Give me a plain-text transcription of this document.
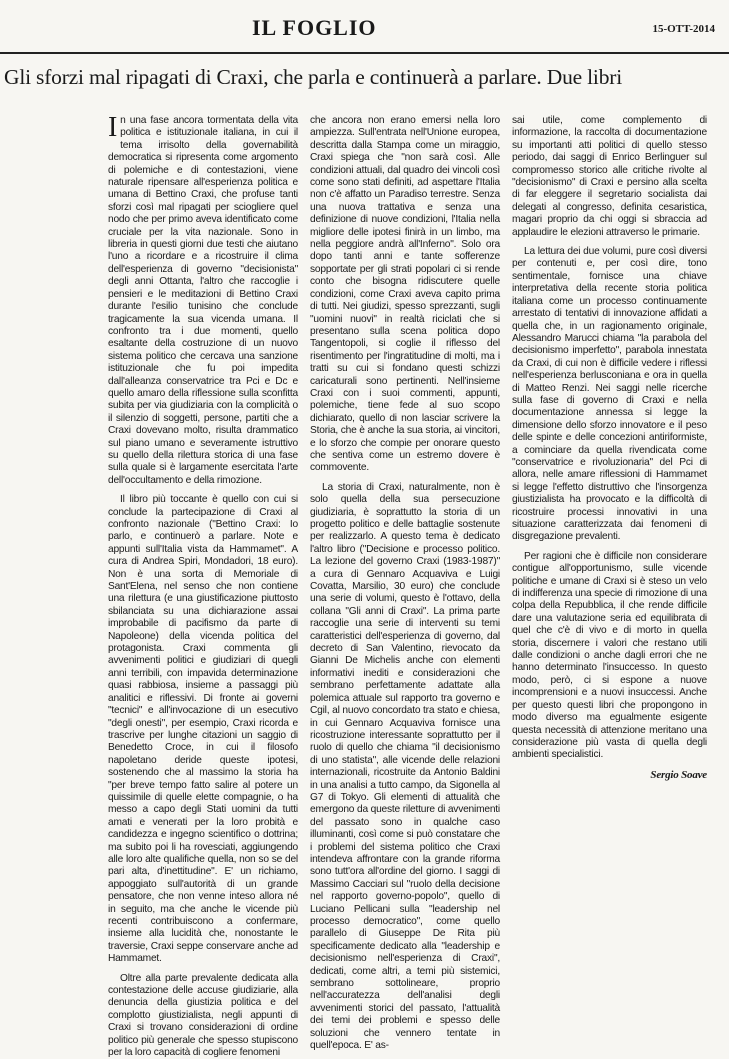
IL FOGLIO	15-OTT-2014
Gli sforzi mal ripagati di Craxi, che parla e continuerà a parlare. Due libri

In una fase ancora tormentata della vita politica e istituzionale italiana, in cui il tema irrisolto della governabilità democratica si ripresenta come argomento di polemiche e di contestazioni, viene naturale ripensare all'esperienza politica e umana di Bettino Craxi, che profuse tanti sforzi così mal ripagati per sciogliere quel nodo che per primo aveva identificato come cruciale per la vita nazionale. Sono in libreria in questi giorni due testi che aiutano l'uno a ricordare e a ricostruire il clima dell'esperienza di governo "decisionista" degli anni Ottanta, l'altro che raccoglie i pensieri e le meditazioni di Bettino Craxi durante l'esilio tunisino che conclude tragicamente la sua vicenda umana. Il confronto tra i due momenti, quello esaltante della costruzione di un nuovo sistema politico che cercava una sanzione istituzionale che fu poi impedita dall'alleanza conservatrice tra Pci e Dc e quello amaro della riflessione sulla sconfitta subita per via giudiziaria con la complicità o il silenzio di soggetti, persone, partiti che a Craxi dovevano molto, risulta drammatico sul piano umano e severamente istruttivo su quello della rilettura storica di una fase sulla quale si è largamente esercitata l'arte dell'occultamento e della rimozione.

Il libro più toccante è quello con cui si conclude la partecipazione di Craxi al confronto nazionale ("Bettino Craxi: Io parlo, e continuerò a parlare. Note e appunti sull'Italia vista da Hammamet". A cura di Andrea Spiri, Mondadori, 18 euro). Non è una sorta di Memoriale di Sant'Elena, nel senso che non contiene una rilettura (e una giustificazione piuttosto sbilanciata su una dichiarazione assai improbabile di pacifismo da parte di Napoleone) della vicenda politica del protagonista. Craxi commenta gli avvenimenti politici e giudiziari di quegli anni terribili, con impavida determinazione quasi rabbiosa, insieme a passaggi più analitici e riflessivi. Di fronte ai governi "tecnici" e all'invocazione di un esecutivo "degli onesti", per esempio, Craxi ricorda e trascrive per lunghe citazioni un saggio di Benedetto Croce, in cui il filosofo napoletano deride queste ipotesi, sostenendo che al massimo la storia ha "per breve tempo fatto salire al potere un quissimile di quelle elette compagnie, o ha messo a capo degli Stati uomini da tutti amati e venerati per la loro probità e candidezza e ingegno scientifico o dottrina; ma subito poi li ha rovesciati, aggiungendo alle loro alte qualifiche quella, non so se del pari alta, d'inettitudine". E' un richiamo, appoggiato sull'autorità di un grande pensatore, che non venne inteso allora né in seguito, ma che anche le vicende più recenti contribuiscono a confermare, insieme alla lucidità che, nonostante le traversie, Craxi seppe conservare anche ad Hammamet.

Oltre alla parte prevalente dedicata alla contestazione delle accuse giudiziarie, alla denuncia della giustizia politica e del complotto giustizialista, negli appunti di Craxi si trovano considerazioni di ordine politico più generale che spesso stupiscono per la loro capacità di cogliere fenomeni

che ancora non erano emersi nella loro ampiezza. Sull'entrata nell'Unione europea, descritta dalla Stampa come un miraggio, Craxi spiega che "non sarà così. Alle condizioni attuali, dal quadro dei vincoli così come sono stati definiti, ad aspettare l'Italia non c'è affatto un Paradiso terrestre. Senza una nuova trattativa e senza una definizione di nuove condizioni, l'Italia nella migliore delle ipotesi finirà in un limbo, ma nella peggiore andrà all'Inferno". Solo ora dopo tanti anni e tante sofferenze sopportate per gli strati popolari ci si rende conto che bisogna ridiscutere quelle condizioni, come Craxi aveva capito prima di tutti. Nei giudizi, spesso sprezzanti, sugli "uomini nuovi" in realtà riciclati che si presentano sulla scena politica dopo Tangentopoli, si coglie il riflesso del risentimento per l'ingratitudine di molti, ma i tratti su cui si fondano questi schizzi caricaturali sono pertinenti. Nell'insieme Craxi con i suoi commenti, appunti, polemiche, tiene fede al suo scopo dichiarato, quello di non lasciar scrivere la Storia, che è anche la sua storia, ai vincitori, e lo sforzo che compie per onorare questo che sentiva come un estremo dovere è commovente.

La storia di Craxi, naturalmente, non è solo quella della sua persecuzione giudiziaria, è soprattutto la storia di un progetto politico e delle battaglie sostenute per realizzarlo. A questo tema è dedicato l'altro libro ("Decisione e processo politico. La lezione del governo Craxi (1983-1987)" a cura di Gennaro Acquaviva e Luigi Covatta, Marsilio, 30 euro) che conclude una serie di volumi, questo è l'ottavo, della collana "Gli anni di Craxi". La prima parte raccoglie una serie di interventi su temi caratteristici dell'esperienza di governo, dal decreto di San Valentino, rievocato da Gianni De Michelis anche con elementi informativi inediti e considerazioni che sembrano perfettamente adattate alla polemica attuale sul rapporto tra governo e Cgil, al nuovo concordato tra stato e chiesa, in cui Gennaro Acquaviva fornisce una ricostruzione interessante soprattutto per il ruolo di quello che chiama "il decisionismo di uno statista", alle vicende delle relazioni internazionali, ricostruite da Antonio Baldini in una analisi a tutto campo, da Sigonella al G7 di Tokyo. Gli elementi di attualità che emergono da queste riletture di avvenimenti del passato sono in qualche caso illuminanti, così come si può constatare che i problemi del sistema politico che Craxi intendeva affrontare con la grande riforma sono tutt'ora all'ordine del giorno. I saggi di Massimo Cacciari sul "ruolo della decisione nel rapporto governo-popolo", quello di Luciano Pellicani sulla "leadership nel processo democratico", come quello parallelo di Giuseppe De Rita più specificamente dedicato alla "leadership e decisionismo nell'esperienza di Craxi", dedicati, come altri, a temi più sistemici, sembrano sottolineare, proprio nell'accuratezza dell'analisi degli avvenimenti storici del passato, l'attualità dei temi dei problemi e spesso delle soluzioni che vennero tentate in quell'epoca. E' as-

sai utile, come complemento di informazione, la raccolta di documentazione su importanti atti politici di quello stesso periodo, dai saggi di Enrico Berlinguer sul compromesso storico alle critiche rivolte al "decisionismo" di Craxi e persino alla scelta di far eleggere il segretario socialista dai delegati al congresso, definita cesaristica, magari proprio da chi oggi si sbraccia ad applaudire le elezioni attraverso le primarie.

La lettura dei due volumi, pure così diversi per contenuti e, per così dire, tono sentimentale, fornisce una chiave interpretativa della recente storia politica italiana come un processo continuamente arrestato di tentativi di innovazione affidati a quella che, in un ragionamento originale, Alessandro Marucci chiama "la parabola del decisionismo imperfetto", parabola innestata da Craxi, di cui non è difficile vedere i riflessi nell'esperienza berlusconiana e ora in quella di Matteo Renzi. Nei saggi nelle ricerche sulla fase di governo di Craxi e nella documentazione annessa si legge la dimensione dello sforzo innovatore e il peso delle spinte e delle concezioni antiriformiste, a cominciare da quella rivendicata come "conservatrice e rivoluzionaria" del Pci di allora, nelle amare riflessioni di Hammamet si legge l'effetto distruttivo che l'insorgenza giustizialista ha provocato e la difficoltà di ricostruire processi innovativi in una situazione caratterizzata dai fenomeni di disgregazione prevalenti.

Per ragioni che è difficile non considerare contigue all'opportunismo, sulle vicende politiche e umane di Craxi si è steso un velo di indifferenza una specie di rimozione di una colpa della Repubblica, il che rende difficile dare una valutazione seria ed equilibrata di quel che c'è di vivo e di morto in quella storia, discernere i valori che restano utili dalle condizioni o anche dagli errori che ne hanno determinato l'insuccesso. In questo modo, però, ci si espone a nuove incomprensioni e a nuovi insuccessi. Anche per questo questi libri che propongono in modo diverso ma egualmente esigente questa necessità di attenzione meritano una considerazione più vasta di quella degli ambienti specialistici.

Sergio Soave
